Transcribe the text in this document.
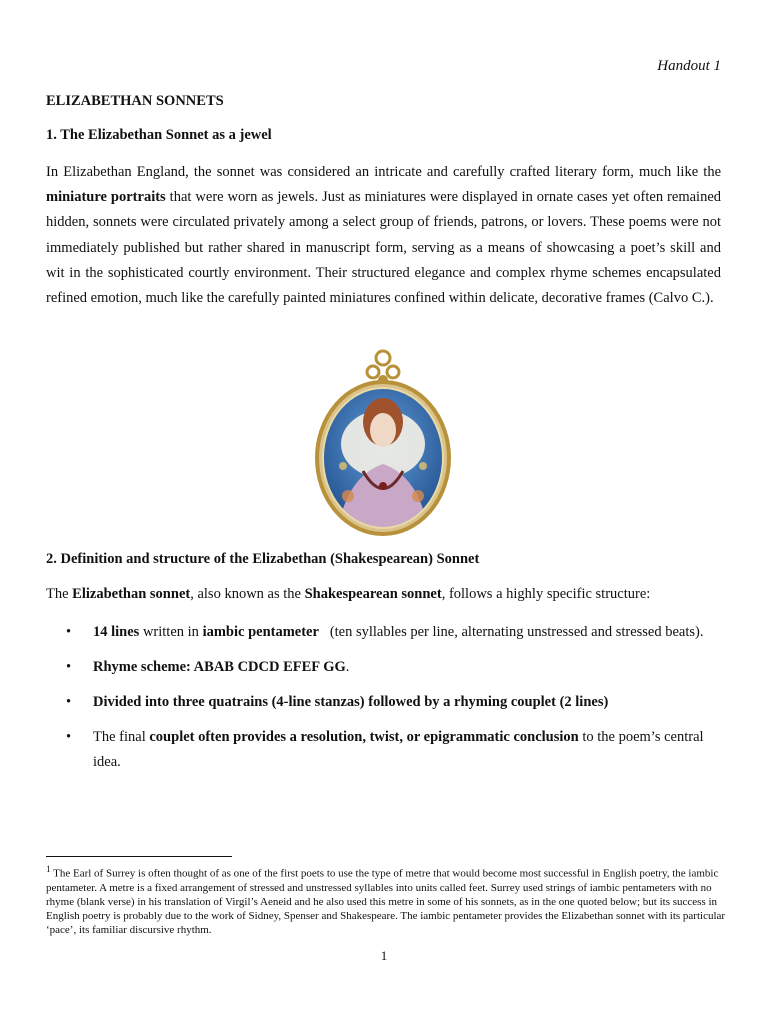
Handout 1
ELIZABETHAN SONNETS
1. The Elizabethan Sonnet as a jewel

In Elizabethan England, the sonnet was considered an intricate and carefully crafted literary form, much like the miniature portraits that were worn as jewels. Just as miniatures were displayed in ornate cases yet often remained hidden, sonnets were circulated privately among a select group of friends, patrons, or lovers. These poems were not immediately published but rather shared in manuscript form, serving as a means of showcasing a poet’s skill and wit in the sophisticated courtly environment. Their structured elegance and complex rhyme schemes encapsulated refined emotion, much like the carefully painted miniatures confined within delicate, decorative frames (Calvo C.).

2. Definition and structure of the Elizabethan (Shakespearean) Sonnet

The Elizabethan sonnet, also known as the Shakespearean sonnet, follows a highly specific structure:

• 14 lines written in iambic pentameter   (ten syllables per line, alternating unstressed and stressed beats).
• Rhyme scheme: ABAB CDCD EFEF GG.
• Divided into three quatrains (4-line stanzas) followed by a rhyming couplet (2 lines)
• The final couplet often provides a resolution, twist, or epigrammatic conclusion to the poem’s central idea.

$^1$ The Earl of Surrey is often thought of as one of the first poets to use the type of metre that would become most successful in English poetry, the iambic pentameter. A metre is a fixed arrangement of stressed and unstressed syllables into units called feet. Surrey used strings of iambic pentameters with no rhyme (blank verse) in his translation of Virgil’s Aeneid and he also used this metre in some of his sonnets, as in the one quoted below; but its success in English poetry is probably due to the work of Sidney, Spenser and Shakespeare. The iambic pentameter provides the Elizabethan sonnet with its particular ‘pace’, its familiar discursive rhythm.

1
